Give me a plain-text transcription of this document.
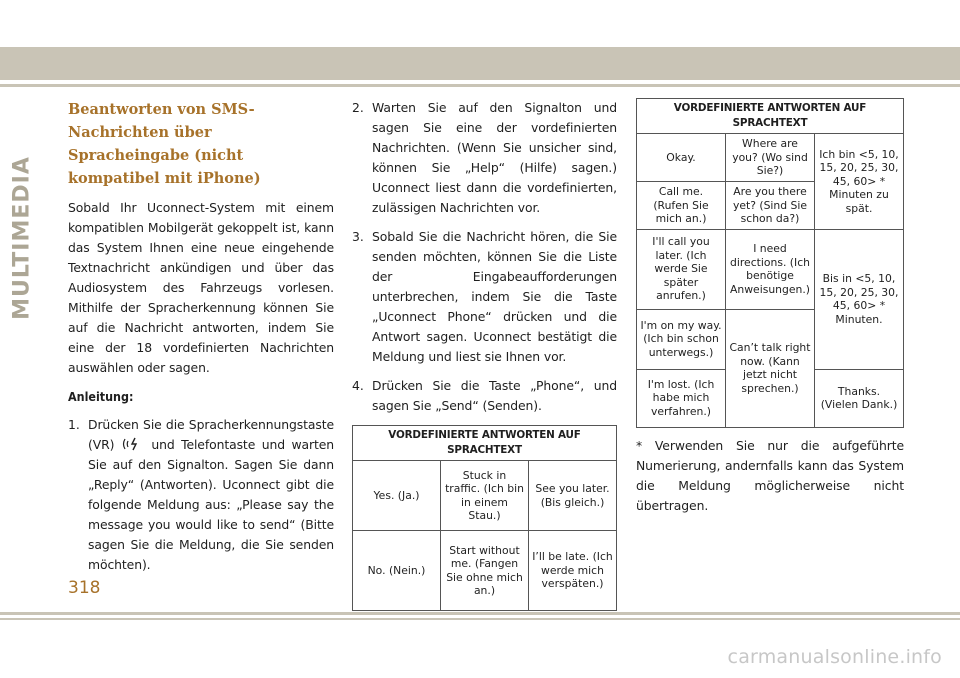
MULTIMEDIA
Beantworten von SMS-Nachrichten über Spracheingabe (nicht kompatibel mit iPhone)

Sobald Ihr Uconnect-System mit einem kompatiblen Mobilgerät gekoppelt ist, kann das System Ihnen eine neue eingehende Textnachricht ankündigen und über das Audiosystem des Fahrzeugs vorlesen. Mithilfe der Spracherkennung können Sie auf die Nachricht antworten, indem Sie eine der 18 vordefinierten Nachrichten auswählen oder sagen.

Anleitung:
1. Drücken Sie die Spracherkennungstaste (VR)	und Telefontaste und warten Sie auf den Signalton. Sagen Sie dann „Reply“ (Antworten). Uconnect gibt die folgende Meldung aus: „Please say the message you would like to send“ (Bitte sagen Sie die Meldung, die Sie senden möchten).
2. Warten Sie auf den Signalton und sagen Sie eine der vordefinierten Nachrichten. (Wenn Sie unsicher sind, können Sie „Help“ (Hilfe) sagen.) Uconnect liest dann die vordefinierten, zulässigen Nachrichten vor.
3. Sobald Sie die Nachricht hören, die Sie senden möchten, können Sie die Liste der Eingabeaufforderungen unterbrechen, indem Sie die Taste „Uconnect Phone“ drücken und die Antwort sagen. Uconnect bestätigt die Meldung und liest sie Ihnen vor.
4. Drücken Sie die Taste „Phone“, und sagen Sie „Send“ (Senden).
VORDEFINIERTE ANTWORTEN AUF SPRACHTEXT		
Yes. (Ja.)	Stuck in traffic. (Ich bin in einem Stau.)	See you later. (Bis gleich.)
No. (Nein.)	Start without me. (Fangen Sie ohne mich an.)	I’ll be late. (Ich werde mich verspäten.)
VORDEFINIERTE ANTWORTEN AUF SPRACHTEXT		
Okay.	Where are you? (Wo sind Sie?)	Ich bin <5, 10, 15, 20, 25, 30, 45, 60> * Minuten zu spät.
Call me. (Rufen Sie mich an.)	Are you there yet? (Sind Sie schon da?)	
I'll call you later. (Ich werde Sie später anrufen.)	I need directions. (Ich benötige Anweisungen.)	Bis in <5, 10, 15, 20, 25, 30, 45, 60> * Minuten.
I'm on my way. (Ich bin schon unterwegs.)	Can’t talk right now. (Kann jetzt nicht sprechen.)	
I'm lost. (Ich habe mich verfahren.)		Thanks. (Vielen Dank.)

* Verwenden Sie nur die aufgeführte Numerierung, andernfalls kann das System die Meldung möglicherweise nicht übertragen.

318
carmanualsonline.info
